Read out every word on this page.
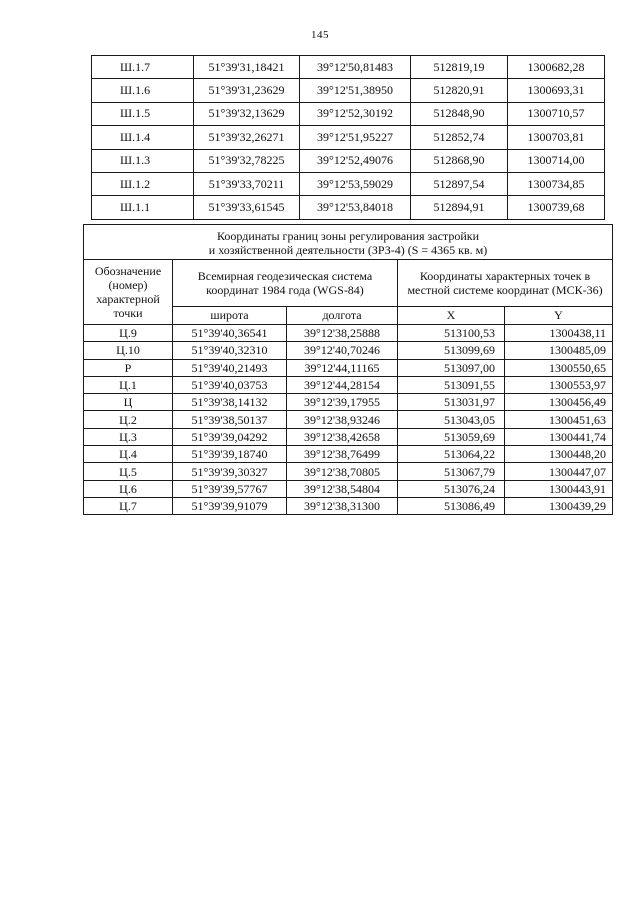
145
Ш.1.7	51°39'31,18421	39°12'50,81483	512819,19	1300682,28
Ш.1.6	51°39'31,23629	39°12'51,38950	512820,91	1300693,31
Ш.1.5	51°39'32,13629	39°12'52,30192	512848,90	1300710,57
Ш.1.4	51°39'32,26271	39°12'51,95227	512852,74	1300703,81
Ш.1.3	51°39'32,78225	39°12'52,49076	512868,90	1300714,00
Ш.1.2	51°39'33,70211	39°12'53,59029	512897,54	1300734,85
Ш.1.1	51°39'33,61545	39°12'53,84018	512894,91	1300739,68
Координаты границ зоны регулирования застройки
и хозяйственной деятельности (ЗРЗ-4) (S = 4365 кв. м)				
Обозначение (номер) характерной точки	Всемирная геодезическая система координат 1984 года (WGS-84)		Координаты характерных точек в местной системе координат (МСК-36)	
	широта	долгота	X	Y
Ц.9	51°39'40,36541	39°12'38,25888	513100,53	1300438,11
Ц.10	51°39'40,32310	39°12'40,70246	513099,69	1300485,09
Р	51°39'40,21493	39°12'44,11165	513097,00	1300550,65
Ц.1	51°39'40,03753	39°12'44,28154	513091,55	1300553,97
Ц	51°39'38,14132	39°12'39,17955	513031,97	1300456,49
Ц.2	51°39'38,50137	39°12'38,93246	513043,05	1300451,63
Ц.3	51°39'39,04292	39°12'38,42658	513059,69	1300441,74
Ц.4	51°39'39,18740	39°12'38,76499	513064,22	1300448,20
Ц.5	51°39'39,30327	39°12'38,70805	513067,79	1300447,07
Ц.6	51°39'39,57767	39°12'38,54804	513076,24	1300443,91
Ц.7	51°39'39,91079	39°12'38,31300	513086,49	1300439,29
